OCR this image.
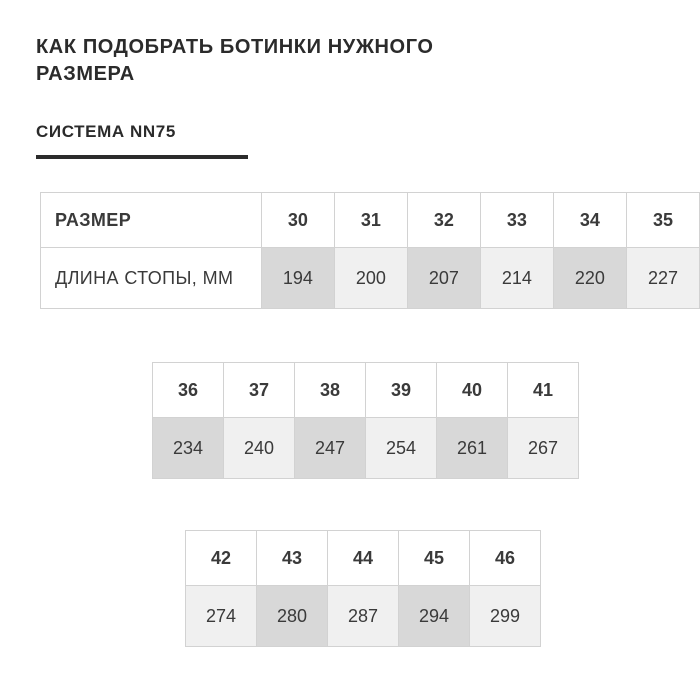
КАК ПОДОБРАТЬ БОТИНКИ НУЖНОГО РАЗМЕРА
СИСТЕМА NN75
РАЗМЕР	30	31	32	33	34	35
ДЛИНА СТОПЫ, ММ	194	200	207	214	220	227
36	37	38	39	40	41
234	240	247	254	261	267
42	43	44	45	46
274	280	287	294	299
